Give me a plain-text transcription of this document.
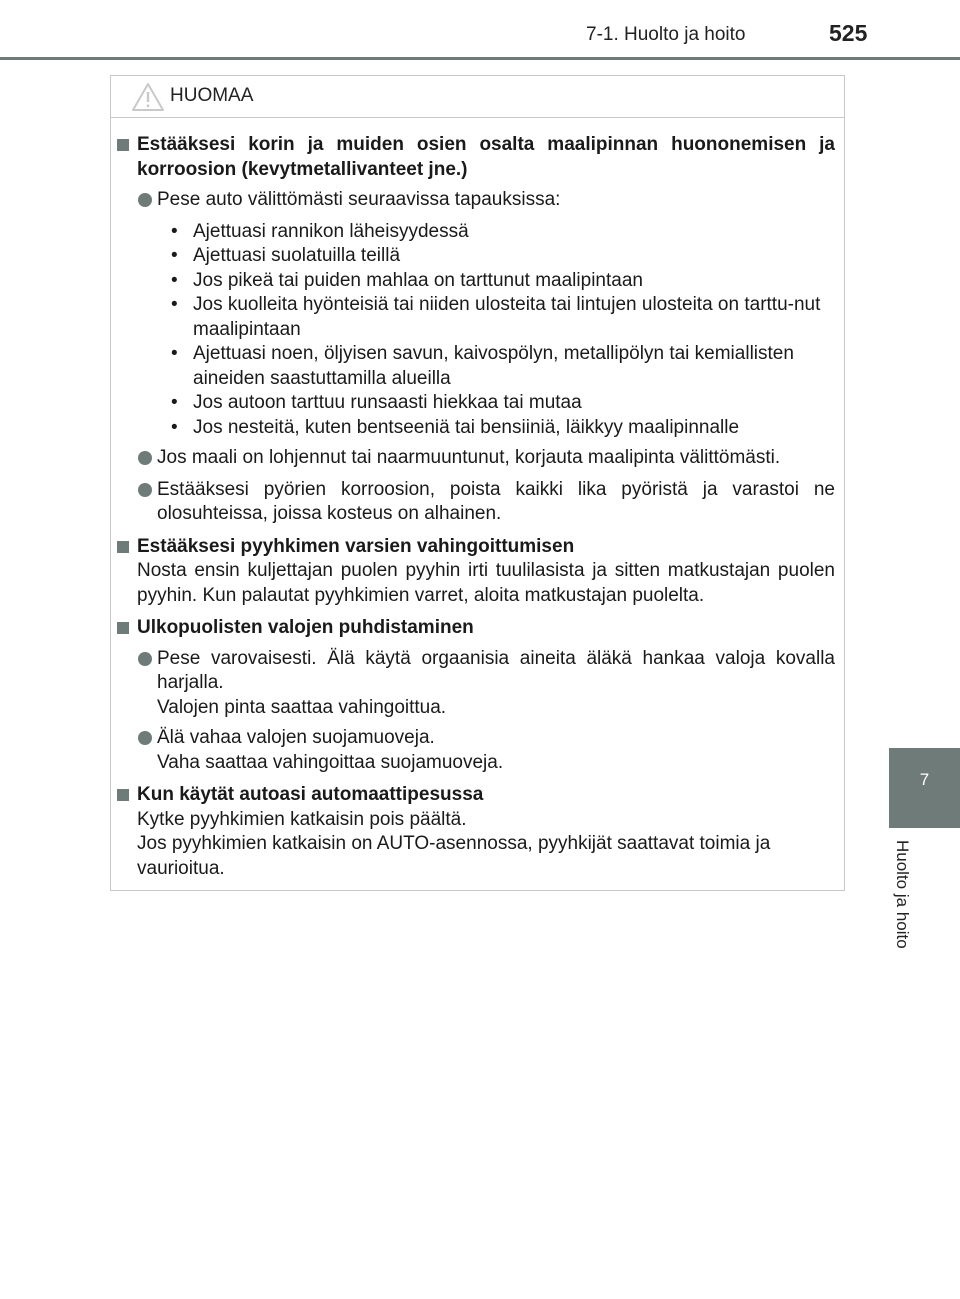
7-1. Huolto ja hoito	525
7
Huolto ja hoito
HUOMAA
Estääksesi korin ja muiden osien osalta maalipinnan huononemisen ja korroosion (kevytmetallivanteet jne.)
Pese auto välittömästi seuraavissa tapauksissa:
• Ajettuasi rannikon läheisyydessä
• Ajettuasi suolatuilla teillä
• Jos pikeä tai puiden mahlaa on tarttunut maalipintaan
• Jos kuolleita hyönteisiä tai niiden ulosteita tai lintujen ulosteita on tarttu-nut maalipintaan
• Ajettuasi noen, öljyisen savun, kaivospölyn, metallipölyn tai kemiallisten aineiden saastuttamilla alueilla
• Jos autoon tarttuu runsaasti hiekkaa tai mutaa
• Jos nesteitä, kuten bentseeniä tai bensiiniä, läikkyy maalipinnalle
Jos maali on lohjennut tai naarmuuntunut, korjauta maalipinta välittömästi.
Estääksesi pyörien korroosion, poista kaikki lika pyöristä ja varastoi ne olosuhteissa, joissa kosteus on alhainen.
Estääksesi pyyhkimen varsien vahingoittumisen
Nosta ensin kuljettajan puolen pyyhin irti tuulilasista ja sitten matkustajan puolen pyyhin. Kun palautat pyyhkimien varret, aloita matkustajan puolelta.
Ulkopuolisten valojen puhdistaminen
Pese varovaisesti. Älä käytä orgaanisia aineita äläkä hankaa valoja kovalla harjalla.
Valojen pinta saattaa vahingoittua.
Älä vahaa valojen suojamuoveja.
Vaha saattaa vahingoittaa suojamuoveja.
Kun käytät autoasi automaattipesussa
Kytke pyyhkimien katkaisin pois päältä.
Jos pyyhkimien katkaisin on AUTO-asennossa, pyyhkijät saattavat toimia ja vaurioitua.
